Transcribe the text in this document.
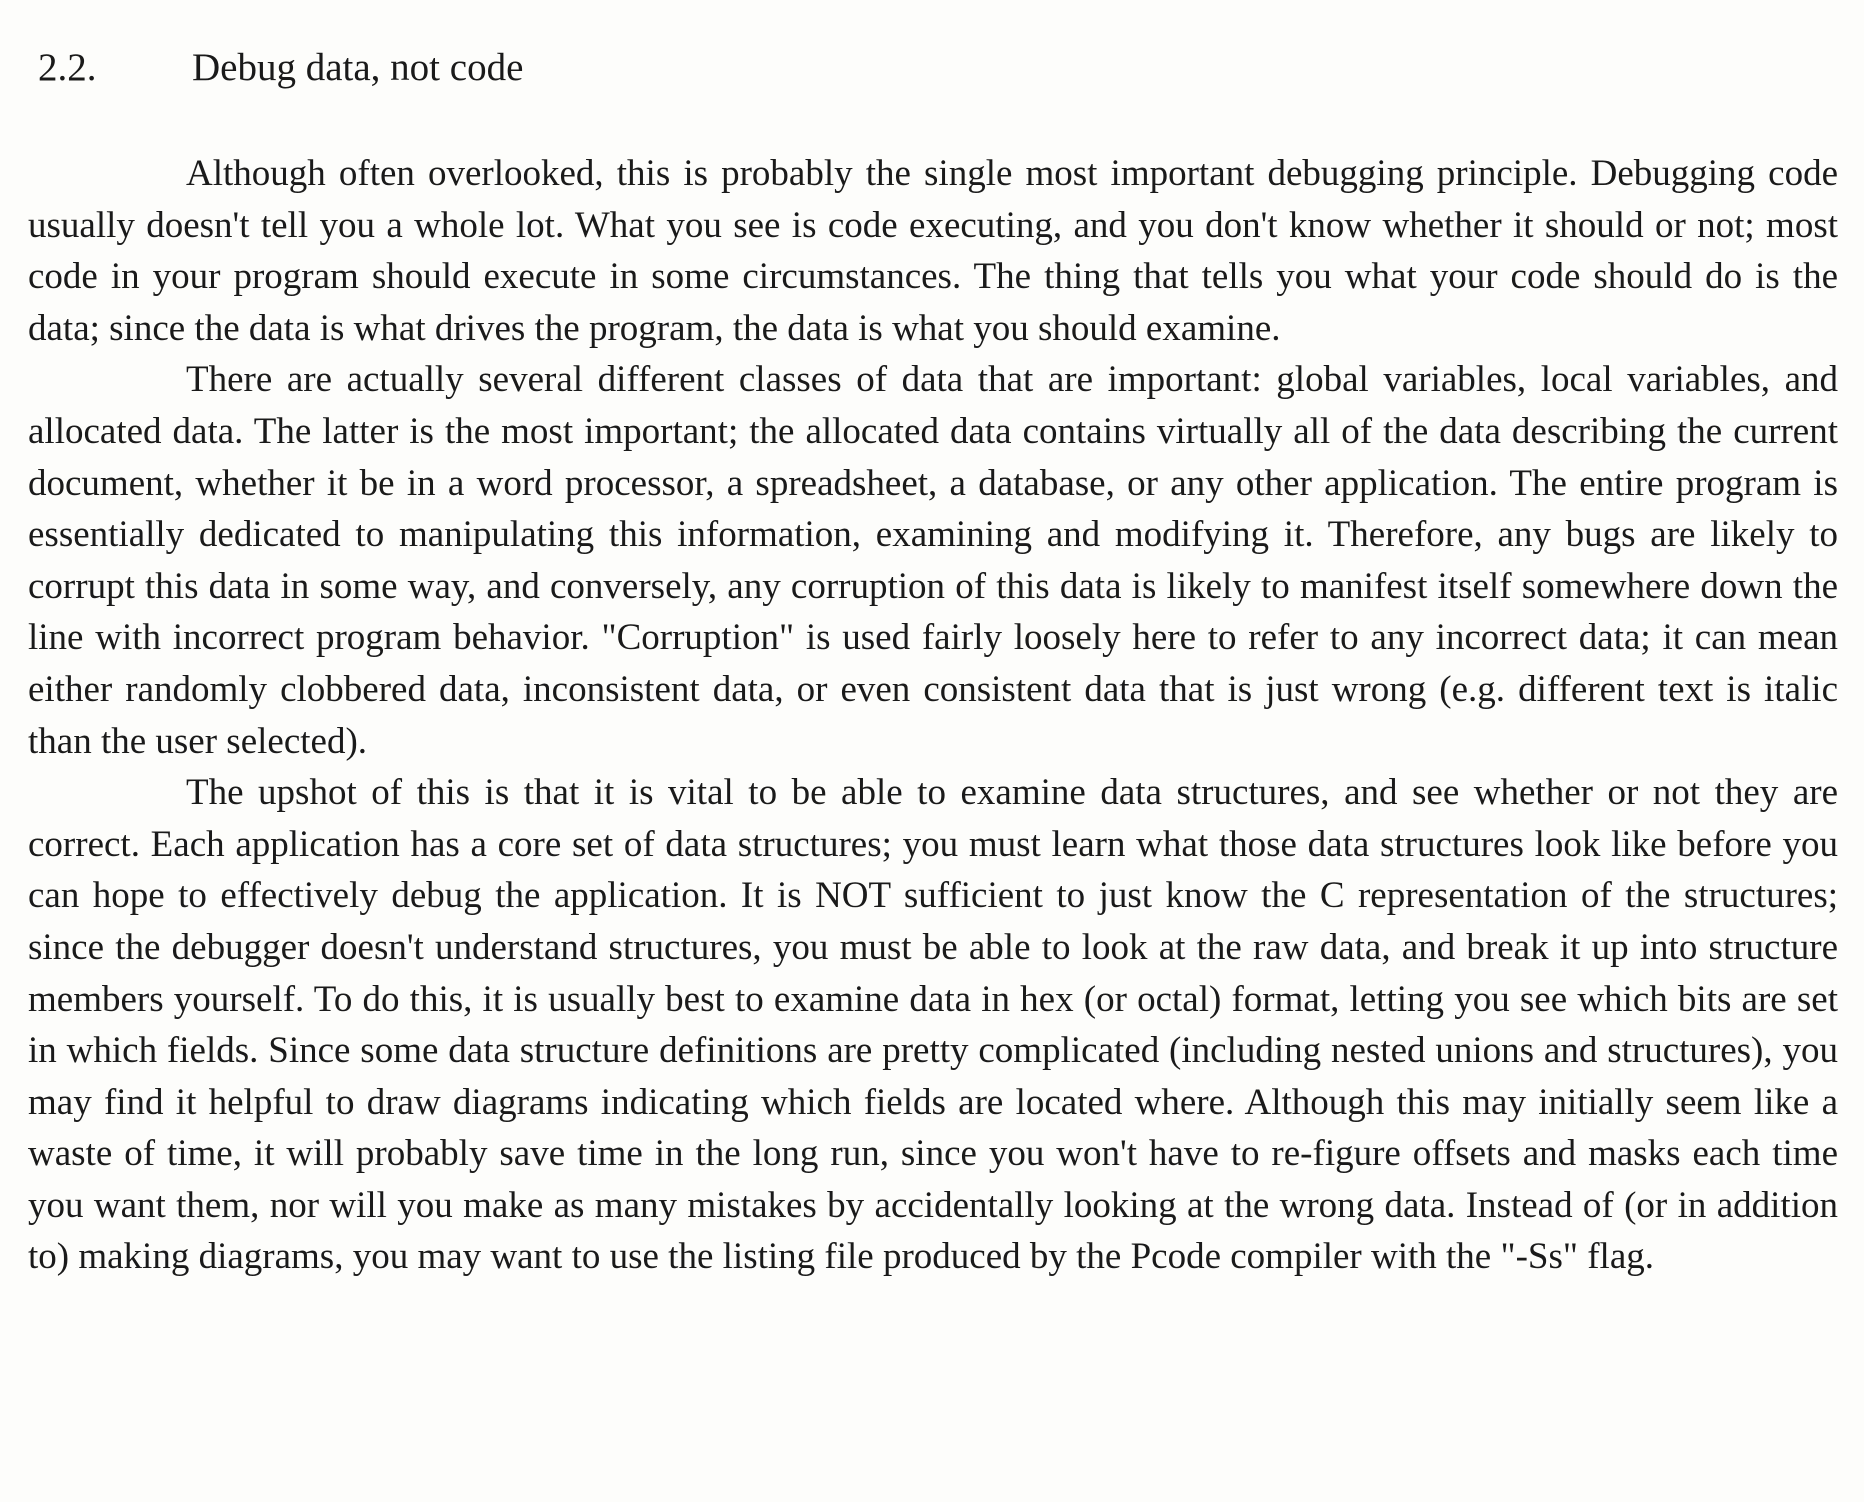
2.2. Debug data, not code

Although often overlooked, this is probably the single most important debugging principle. Debugging code usually doesn't tell you a whole lot. What you see is code executing, and you don't know whether it should or not; most code in your program should execute in some circumstances. The thing that tells you what your code should do is the data; since the data is what drives the program, the data is what you should examine.

There are actually several different classes of data that are important: global variables, local variables, and allocated data. The latter is the most important; the allocated data contains virtually all of the data describing the current document, whether it be in a word processor, a spreadsheet, a database, or any other application. The entire program is essentially dedicated to manipulating this information, examining and modifying it. Therefore, any bugs are likely to corrupt this data in some way, and conversely, any corruption of this data is likely to manifest itself somewhere down the line with incorrect program behavior. "Corruption" is used fairly loosely here to refer to any incorrect data; it can mean either randomly clobbered data, inconsistent data, or even consistent data that is just wrong (e.g. different text is italic than the user selected).

The upshot of this is that it is vital to be able to examine data structures, and see whether or not they are correct. Each application has a core set of data structures; you must learn what those data structures look like before you can hope to effectively debug the application. It is NOT sufficient to just know the C representation of the structures; since the debugger doesn't understand structures, you must be able to look at the raw data, and break it up into structure members yourself. To do this, it is usually best to examine data in hex (or octal) format, letting you see which bits are set in which fields. Since some data structure definitions are pretty complicated (including nested unions and structures), you may find it helpful to draw diagrams indicating which fields are located where. Although this may initially seem like a waste of time, it will probably save time in the long run, since you won't have to re-figure offsets and masks each time you want them, nor will you make as many mistakes by accidentally looking at the wrong data. Instead of (or in addition to) making diagrams, you may want to use the listing file produced by the Pcode compiler with the "-Ss" flag.
